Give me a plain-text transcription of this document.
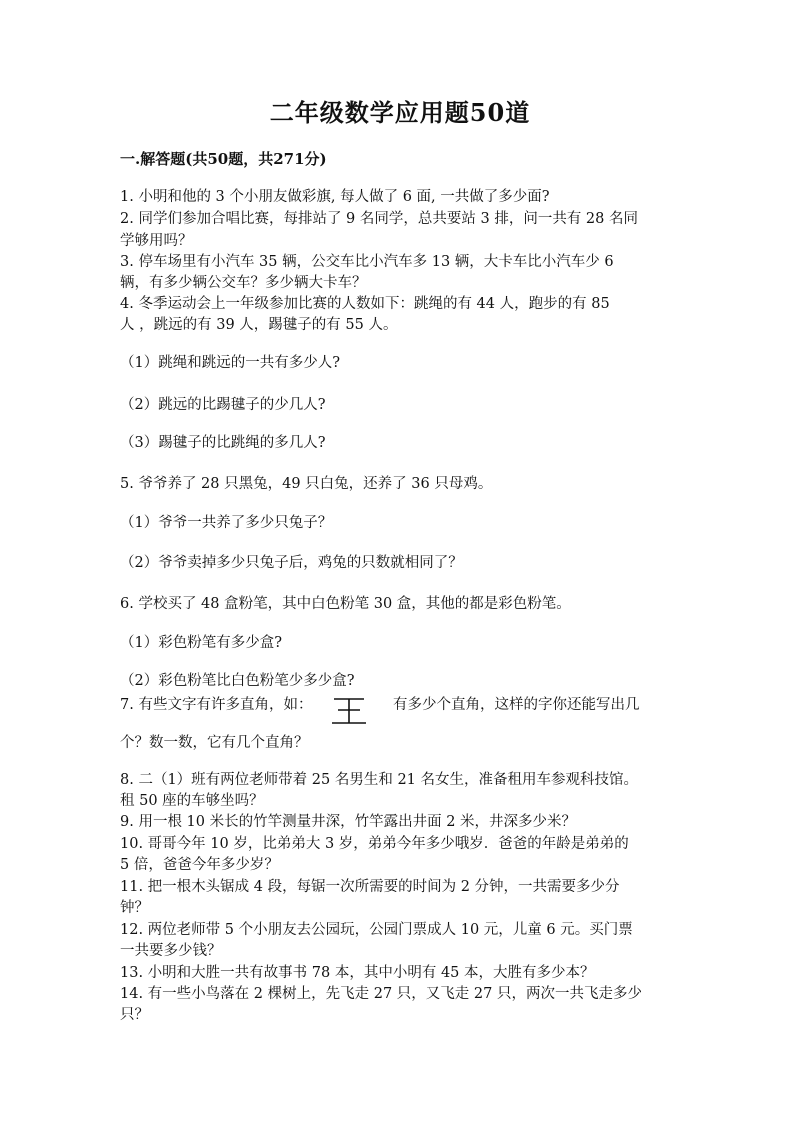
二年级数学应用题50道
一.解答题(共50题，共271分)
1. 小明和他的 3 个小朋友做彩旗, 每人做了 6 面, 一共做了多少面?
2. 同学们参加合唱比赛，每排站了 9 名同学，总共要站 3 排，问一共有 28 名同
学够用吗？
3. 停车场里有小汽车 35 辆，公交车比小汽车多 13 辆，大卡车比小汽车少 6
辆，有多少辆公交车？多少辆大卡车？
4. 冬季运动会上一年级参加比赛的人数如下：跳绳的有 44 人，跑步的有 85
人 ，跳远的有 39 人，踢毽子的有 55 人。
（1）跳绳和跳远的一共有多少人?
（2）跳远的比踢毽子的少几人?
（3）踢毽子的比跳绳的多几人?
5. 爷爷养了 28 只黑兔，49 只白兔，还养了 36 只母鸡。
（1）爷爷一共养了多少只兔子？
（2）爷爷卖掉多少只兔子后，鸡兔的只数就相同了？
6. 学校买了 48 盒粉笔，其中白色粉笔 30 盒，其他的都是彩色粉笔。
（1）彩色粉笔有多少盒?
（2）彩色粉笔比白色粉笔少多少盒?
7. 有些文字有许多直角，如：	有多少个直角，这样的字你还能写出几
个？数一数，它有几个直角？
8. 二（1）班有两位老师带着 25 名男生和 21 名女生，准备租用车参观科技馆。
租 50 座的车够坐吗？
9. 用一根 10 米长的竹竿测量井深，竹竿露出井面 2 米，井深多少米？
10. 哥哥今年 10 岁，比弟弟大 3 岁，弟弟今年多少哦岁．爸爸的年龄是弟弟的
5 倍，爸爸今年多少岁？
11. 把一根木头锯成 4 段，每锯一次所需要的时间为 2 分钟，一共需要多少分
钟？
12. 两位老师带 5 个小朋友去公园玩，公园门票成人 10 元，儿童 6 元。买门票
一共要多少钱？
13. 小明和大胜一共有故事书 78 本，其中小明有 45 本，大胜有多少本？
14. 有一些小鸟落在 2 棵树上，先飞走 27 只，又飞走 27 只，两次一共飞走多少
只？
